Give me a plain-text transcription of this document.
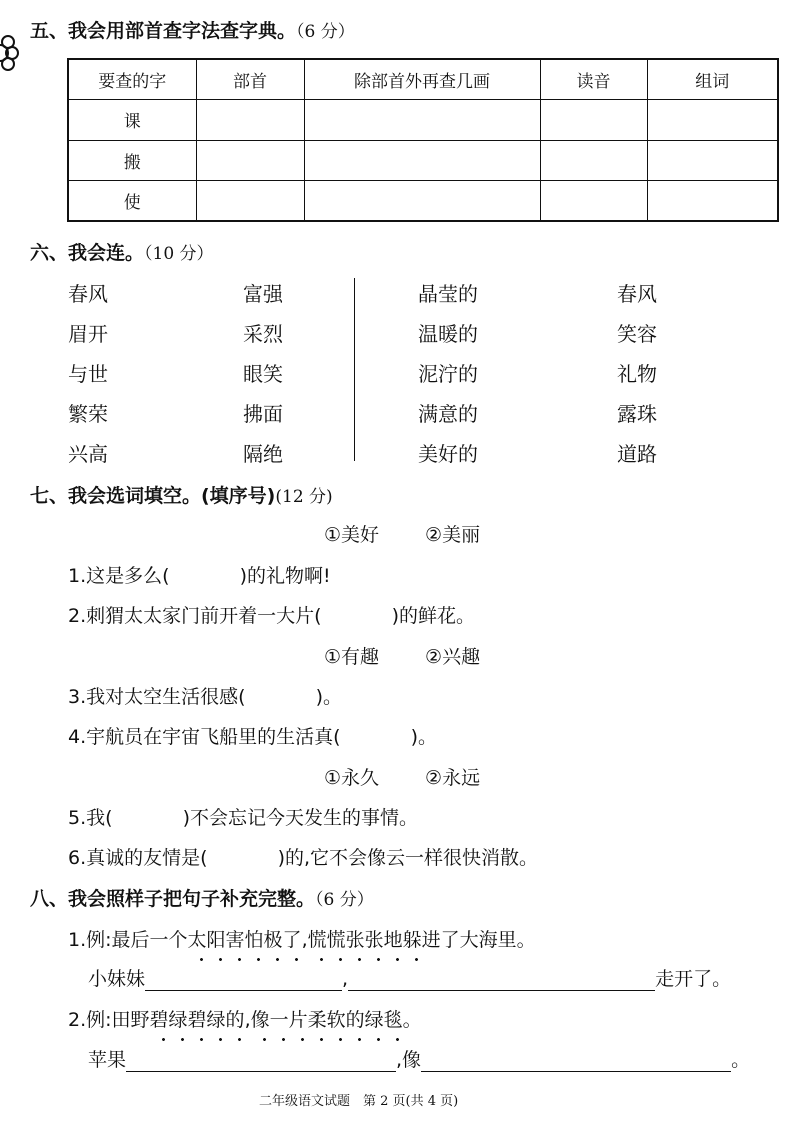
五、我会用部首查字法查字典。（6 分）
要查的字	部首	除部首外再查几画	读音	组词
课				
搬				
使				
六、我会连。（10 分）
春风
眉开
与世
繁荣
兴高
富强
采烈
眼笑
拂面
隔绝
晶莹的
温暖的
泥泞的
满意的
美好的
春风
笑容
礼物
露珠
道路
七、我会选词填空。(填序号)(12 分)
①美好 ②美丽
1.这是多么(	)的礼物啊!
2.刺猬太太家门前开着一大片(	)的鲜花。
①有趣 ②兴趣
3.我对太空生活很感(	)。
4.宇航员在宇宙飞船里的生活真(	)。
①永久 ②永远
5.我(	)不会忘记今天发生的事情。
6.真诚的友情是(	)的,它不会像云一样很快消散。
八、我会照样子把句子补充完整。（6 分）
1.例:最后一个太阳害怕极了,慌慌张张地躲进了大海里。
小妹妹	,	走开了。
2.例:田野碧绿碧绿的,像一片柔软的绿毯。
苹果	,像	。
二年级语文试题　第 2 页(共 4 页)
